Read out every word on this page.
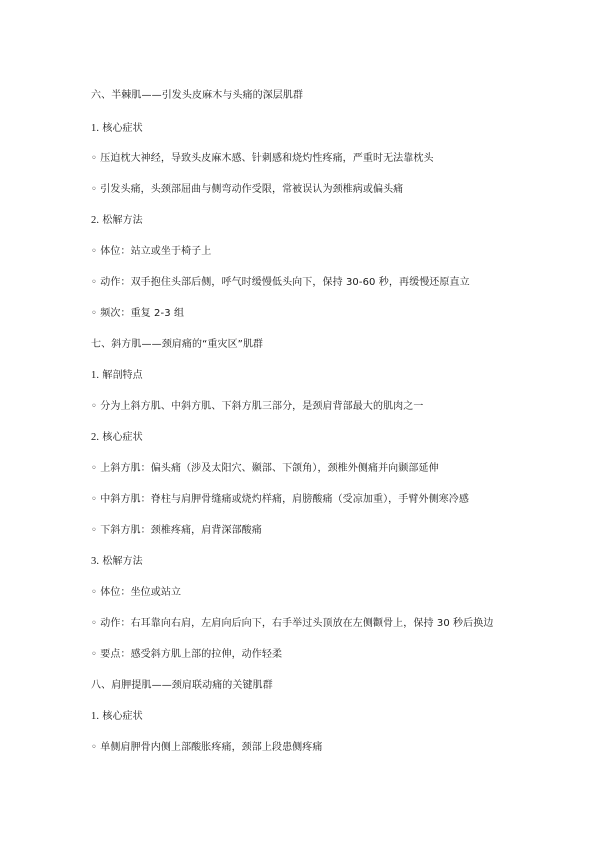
六、半棘肌——引发头皮麻木与头痛的深层肌群
1. 核心症状
◦ 压迫枕大神经，导致头皮麻木感、针刺感和烧灼性疼痛，严重时无法靠枕头
◦ 引发头痛，头颈部屈曲与侧弯动作受限，常被误认为颈椎病或偏头痛
2. 松解方法
◦ 体位：站立或坐于椅子上
◦ 动作：双手抱住头部后侧，呼气时缓慢低头向下，保持 30-60 秒，再缓慢还原直立
◦ 频次：重复 2-3 组
七、斜方肌——颈肩痛的“重灾区”肌群
1. 解剖特点
◦ 分为上斜方肌、中斜方肌、下斜方肌三部分，是颈肩背部最大的肌肉之一
2. 核心症状
◦ 上斜方肌：偏头痛（涉及太阳穴、颞部、下颌角），颈椎外侧痛并向颞部延伸
◦ 中斜方肌：脊柱与肩胛骨缝痛或烧灼样痛，肩膀酸痛（受凉加重），手臂外侧寒冷感
◦ 下斜方肌：颈椎疼痛，肩背深部酸痛
3. 松解方法
◦ 体位：坐位或站立
◦ 动作：右耳靠向右肩，左肩向后向下，右手举过头顶放在左侧颧骨上，保持 30 秒后换边
◦ 要点：感受斜方肌上部的拉伸，动作轻柔
八、肩胛提肌——颈肩联动痛的关键肌群
1. 核心症状
◦ 单侧肩胛骨内侧上部酸胀疼痛，颈部上段患侧疼痛
